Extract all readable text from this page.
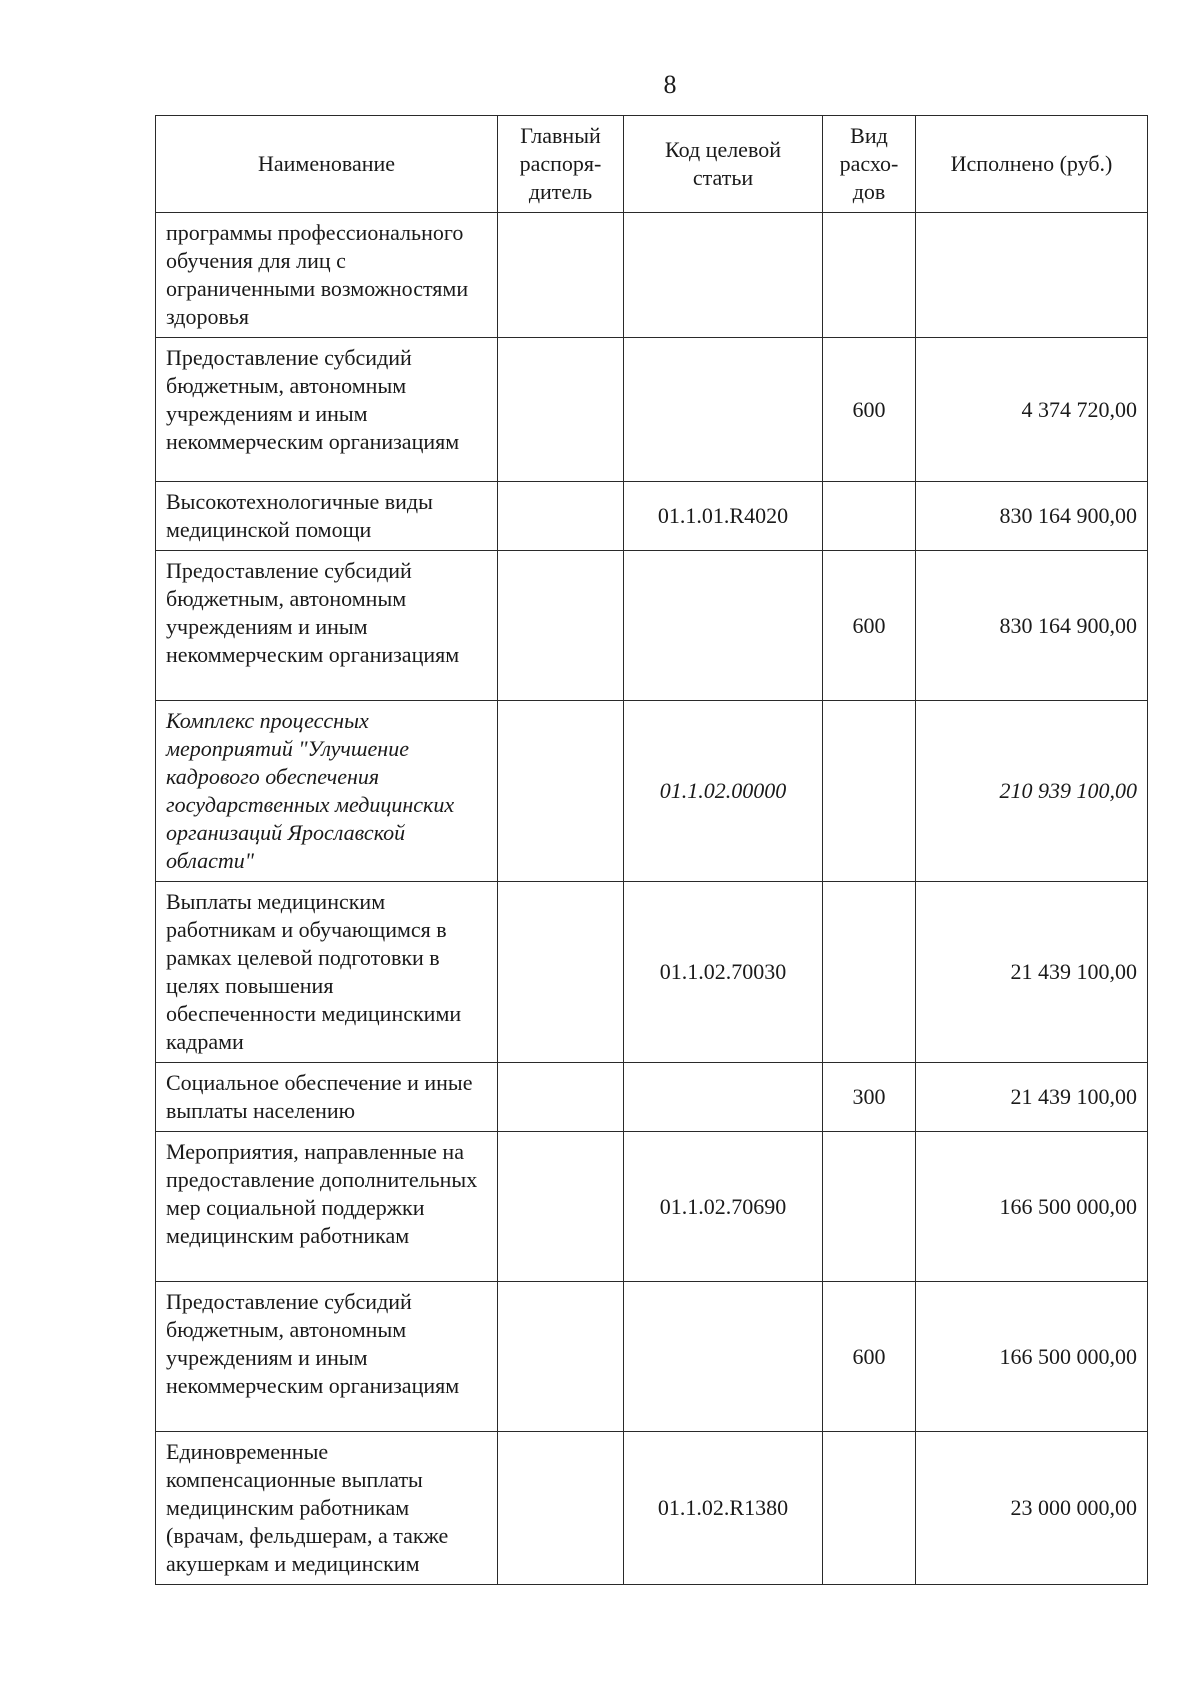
8
Наименование	Главный распоря-дитель	Код целевой статьи	Вид расхо-дов	Исполнено (руб.)
программы профессионального обучения для лиц с ограниченными возможностями здоровья				
Предоставление субсидий бюджетным, автономным учреждениям и иным некоммерческим организациям			600	4 374 720,00
Высокотехнологичные виды медицинской помощи		01.1.01.R4020		830 164 900,00
Предоставление субсидий бюджетным, автономным учреждениям и иным некоммерческим организациям			600	830 164 900,00
Комплекс процессных мероприятий "Улучшение кадрового обеспечения государственных медицинских организаций Ярославской области"		01.1.02.00000		210 939 100,00
Выплаты медицинским работникам и обучающимся в рамках целевой подготовки в целях повышения обеспеченности медицинскими кадрами		01.1.02.70030		21 439 100,00
Социальное обеспечение и иные выплаты населению			300	21 439 100,00
Мероприятия, направленные на предоставление дополнительных мер социальной поддержки медицинским работникам		01.1.02.70690		166 500 000,00
Предоставление субсидий бюджетным, автономным учреждениям и иным некоммерческим организациям			600	166 500 000,00
Единовременные компенсационные выплаты медицинским работникам (врачам, фельдшерам, а также акушеркам и медицинским		01.1.02.R1380		23 000 000,00
